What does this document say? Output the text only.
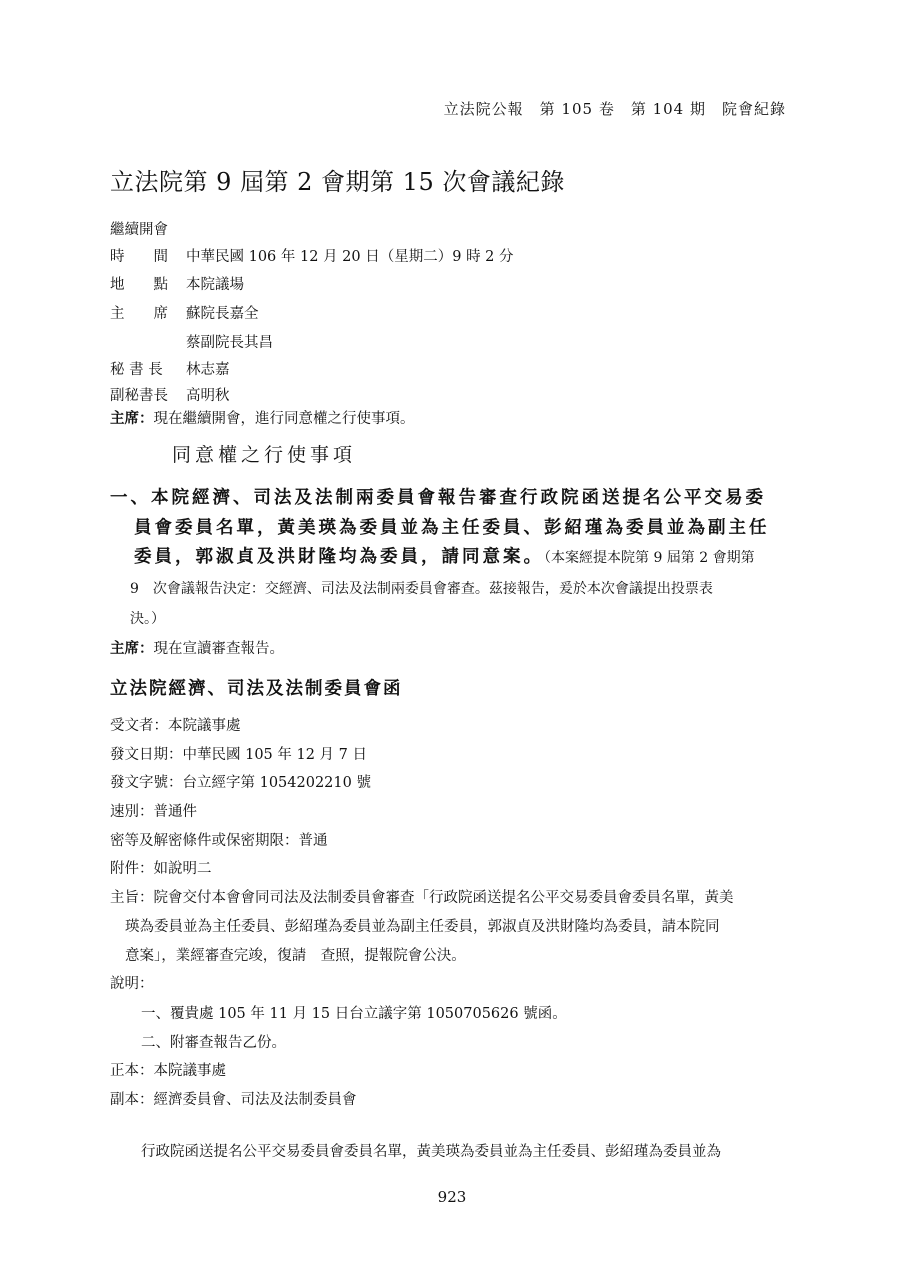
立法院公報　第 105 卷　第 104 期　院會紀錄
立法院第 9 屆第 2 會期第 15 次會議紀錄
繼續開會
時　　間 中華民國 106 年 12 月 20 日（星期二）9 時 2 分
地　　點 本院議場
主　　席 蘇院長嘉全
蔡副院長其昌
秘 書 長 林志嘉
副秘書長 高明秋
主席：現在繼續開會，進行同意權之行使事項。
同意權之行使事項
一、本院經濟、司法及法制兩委員會報告審查行政院函送提名公平交易委
員會委員名單，黃美瑛為委員並為主任委員、彭紹瑾為委員並為副主任
委員，郭淑貞及洪財隆均為委員，請同意案。（本案經提本院第 9 屆第 2 會期第
9　次會議報告決定：交經濟、司法及法制兩委員會審查。茲接報告，爰於本次會議提出投票表
決。）
主席：現在宣讀審查報告。
立法院經濟、司法及法制委員會函
受文者：本院議事處
發文日期：中華民國 105 年 12 月 7 日
發文字號：台立經字第 1054202210 號
速別：普通件
密等及解密條件或保密期限：普通
附件：如說明二
主旨：院會交付本會會同司法及法制委員會審查「行政院函送提名公平交易委員會委員名單，黃美
瑛為委員並為主任委員、彭紹瑾為委員並為副主任委員，郭淑貞及洪財隆均為委員，請本院同
意案」，業經審查完竣，復請　查照，提報院會公決。
說明：
一、覆貴處 105 年 11 月 15 日台立議字第 1050705626 號函。
二、附審查報告乙份。
正本：本院議事處
副本：經濟委員會、司法及法制委員會
行政院函送提名公平交易委員會委員名單，黃美瑛為委員並為主任委員、彭紹瑾為委員並為
923
